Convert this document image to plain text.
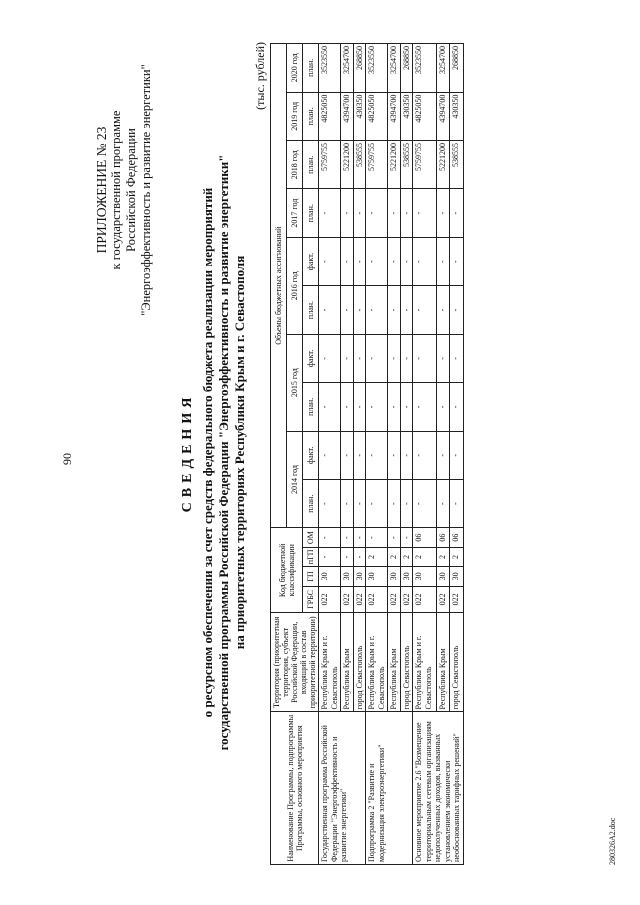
90
ПРИЛОЖЕНИЕ № 23 к государственной программе Российской Федерации "Энергоэффективность и развитие энергетики"
СВЕДЕНИЯ о ресурсном обеспечении за счет средств федерального бюджета реализации мероприятий государственной программы Российской Федерации "Энергоэффективность и развитие энергетики" на приоритетных территориях Республики Крым и г. Севастополя
(тыс. рублей)
Наименование Программы, подпрограммы Программы, основного мероприятия	Территория (приоритетная территория, субъект Российской Федерации, входящий в состав приоритетной территории)	Код бюджетной классификации				Объемы бюджетных ассигнований									
						2014 год		2015 год		2016 год		2017 год	2018 год	2019 год	2020 год
		ГРБС	ГП	пГП	ОМ	план.	факт.	план.	факт.	план.	факт.	план.	план.	план.	план.
Государственная программа Российской Федерации "Энергоэффективность и развитие энергетики"	Республика Крым и г. Севастополь	022	30	-	-	-	-	-	-	-	-	-	5759755	4825050	3523550
	Республика Крым	022	30	-	-	-	-	-	-	-	-	-	5221200	4394700	3254700
	город Севастополь	022	30	-	-	-	-	-	-	-	-	-	538555	430350	268850
Подпрограмма 2 "Развитие и модернизация электроэнергетики"	Республика Крым и г. Севастополь	022	30	2	-	-	-	-	-	-	-	-	5759755	4825050	3523550
	Республика Крым	022	30	2	-	-	-	-	-	-	-	-	5221200	4394700	3254700
	город Севастополь	022	30	2	-	-	-	-	-	-	-	-	538555	430350	268850
Основное мероприятие 2.6 "Возмещение территориальным сетевым организациям недополученных доходов, вызванных установлением экономически необоснованных тарифных решений"	Республика Крым и г. Севастополь	022	30	2	06	-	-	-	-	-	-	-	5759755	4825050	3523550
	Республика Крым	022	30	2	06	-	-	-	-	-	-	-	5221200	4394700	3254700
	город Севастополь	022	30	2	06	-	-	-	-	-	-	-	538555	430350	268850
280326А2.doc
